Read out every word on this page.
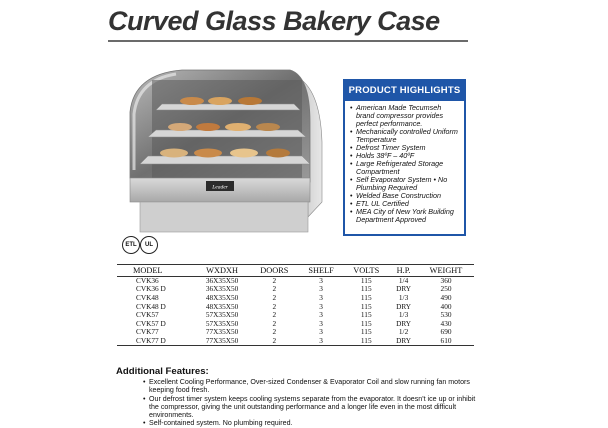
Curved Glass Bakery Case
Leader
ETL	UL
PRODUCT HIGHLIGHTS
• American Made Tecumseh brand compressor provides perfect performance.
• Mechanically controlled Uniform Temperature
• Defrost Timer System
• Holds 38ºF – 40ºF
• Large Refrigerated Storage Compartment
• Self Evaporator System • No Plumbing Required
• Welded Base Construction
• ETL UL Certified
• MEA City of New York Building Department Approved
MODEL	WXDXH	DOORS	SHELF	VOLTS	H.P.	WEIGHT
CVK36	36X35X50	2	3	115	1/4	360
CVK36 D	36X35X50	2	3	115	DRY	250
CVK48	48X35X50	2	3	115	1/3	490
CVK48 D	48X35X50	2	3	115	DRY	400
CVK57	57X35X50	2	3	115	1/3	530
CVK57 D	57X35X50	2	3	115	DRY	430
CVK77	77X35X50	2	3	115	1/2	690
CVK77 D	77X35X50	2	3	115	DRY	610
Additional Features:
• Excellent Cooling Performance, Over-sized Condenser & Evaporator Coil and slow running fan motors keeping food fresh.
• Our defrost timer system keeps cooling systems separate from the evaporator. It doesn't ice up or inhibit the compressor, giving the unit outstanding performance and a longer life even in the most difficult environments.
• Self-contained system. No plumbing required.
